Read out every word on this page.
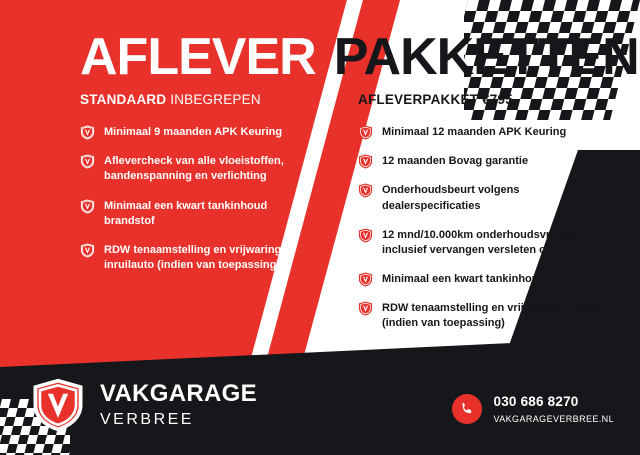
AFLEVER PAKKETTEN
STANDAARD INBEGREPEN
Minimaal 9 maanden APK Keuring
Aflevercheck van alle vloeistoffen, bandenspanning en verlichting
Minimaal een kwart tankinhoud brandstof
RDW tenaamstelling en vrijwaring inruilauto (indien van toepassing)
AFLEVERPAKKET €795
Minimaal 12 maanden APK Keuring
12 maanden Bovag garantie
Onderhoudsbeurt volgens dealerspecificaties
12 mnd/10.000km onderhoudsvrij rijden inclusief vervangen versleten onderdelen
Minimaal een kwart tankinhoud brandstof
RDW tenaamstelling en vrijwaring inruilauto (indien van toepassing)
VAKGARAGE
VERBREE
030 686 8270
VAKGARAGEVERBREE.NL
